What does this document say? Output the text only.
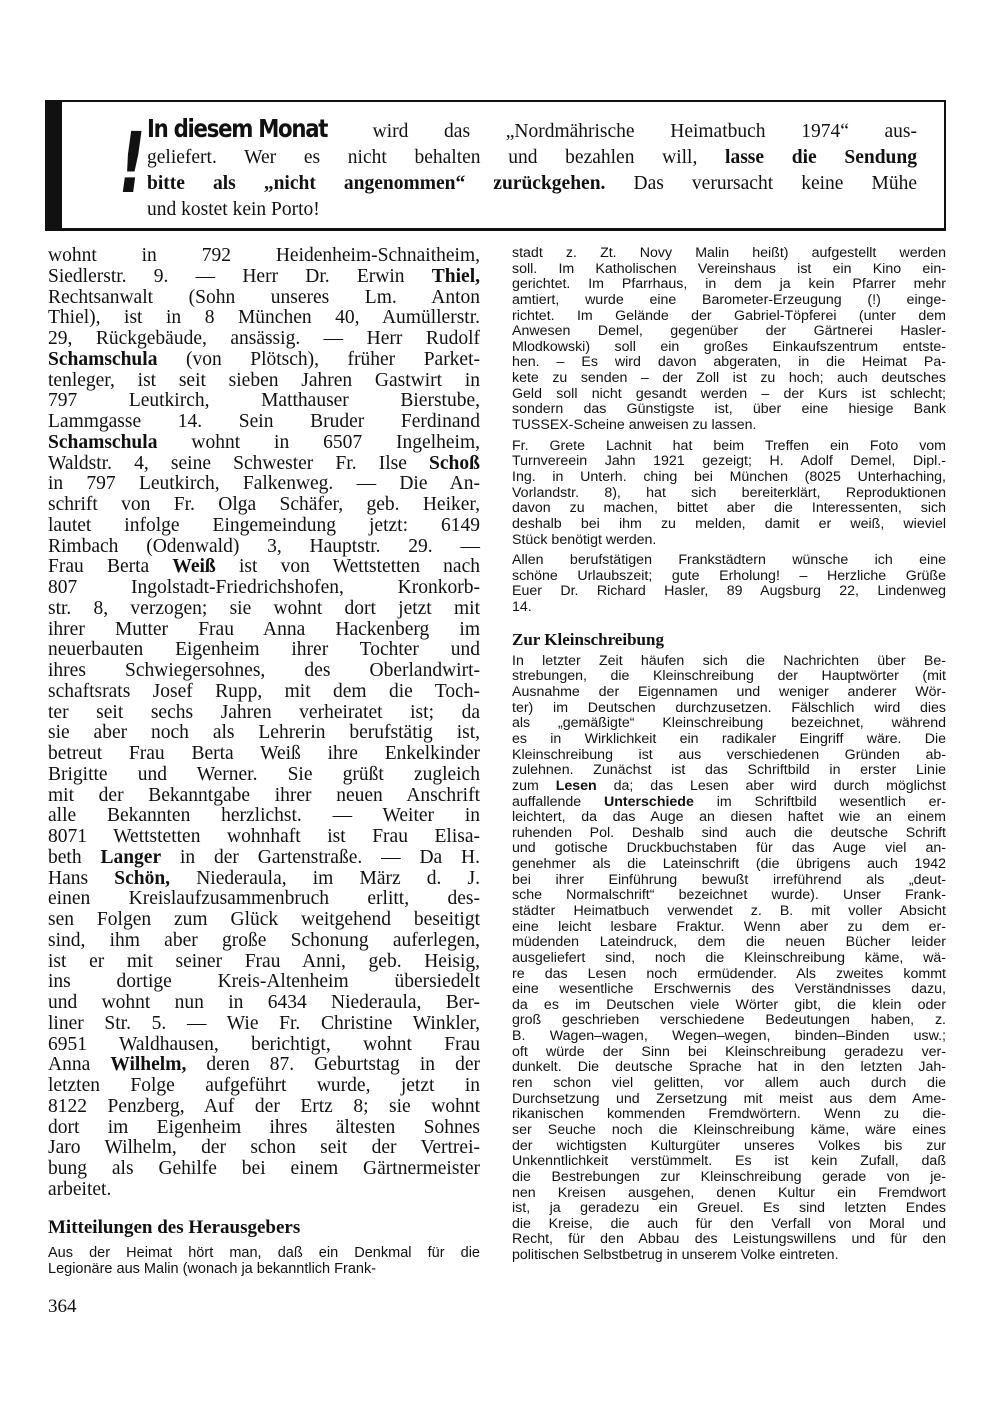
! In diesem Monat wird das „Nordmährische Heimatbuch 1974“ aus-
geliefert. Wer es nicht behalten und bezahlen will, lasse die Sendung
bitte als „nicht angenommen“ zurückgehen. Das verursacht keine Mühe
und kostet kein Porto!
wohnt in 792 Heidenheim-Schnaitheim,
Siedlerstr. 9. — Herr Dr. Erwin Thiel,
Rechtsanwalt (Sohn unseres Lm. Anton
Thiel), ist in 8 München 40, Aumüllerstr.
29, Rückgebäude, ansässig. — Herr Rudolf
Schamschula (von Plötsch), früher Parket-
tenleger, ist seit sieben Jahren Gastwirt in
797 Leutkirch, Matthauser Bierstube,
Lammgasse 14. Sein Bruder Ferdinand
Schamschula wohnt in 6507 Ingelheim,
Waldstr. 4, seine Schwester Fr. Ilse Schoß
in 797 Leutkirch, Falkenweg. — Die An-
schrift von Fr. Olga Schäfer, geb. Heiker,
lautet infolge Eingemeindung jetzt: 6149
Rimbach (Odenwald) 3, Hauptstr. 29. —
Frau Berta Weiß ist von Wettstetten nach
807 Ingolstadt-Friedrichshofen, Kronkorb-
str. 8, verzogen; sie wohnt dort jetzt mit
ihrer Mutter Frau Anna Hackenberg im
neuerbauten Eigenheim ihrer Tochter und
ihres Schwiegersohnes, des Oberlandwirt-
schaftsrats Josef Rupp, mit dem die Toch-
ter seit sechs Jahren verheiratet ist; da
sie aber noch als Lehrerin berufstätig ist,
betreut Frau Berta Weiß ihre Enkelkinder
Brigitte und Werner. Sie grüßt zugleich
mit der Bekanntgabe ihrer neuen Anschrift
alle Bekannten herzlichst. — Weiter in
8071 Wettstetten wohnhaft ist Frau Elisa-
beth Langer in der Gartenstraße. — Da H.
Hans Schön, Niederaula, im März d. J.
einen Kreislaufzusammenbruch erlitt, des-
sen Folgen zum Glück weitgehend beseitigt
sind, ihm aber große Schonung auferlegen,
ist er mit seiner Frau Anni, geb. Heisig,
ins dortige Kreis-Altenheim übersiedelt
und wohnt nun in 6434 Niederaula, Ber-
liner Str. 5. — Wie Fr. Christine Winkler,
6951 Waldhausen, berichtigt, wohnt Frau
Anna Wilhelm, deren 87. Geburtstag in der
letzten Folge aufgeführt wurde, jetzt in
8122 Penzberg, Auf der Ertz 8; sie wohnt
dort im Eigenheim ihres ältesten Sohnes
Jaro Wilhelm, der schon seit der Vertrei-
bung als Gehilfe bei einem Gärtnermeister
arbeitet.
Mitteilungen des Herausgebers
Aus der Heimat hört man, daß ein Denkmal für die
Legionäre aus Malin (wonach ja bekanntlich Frank-
stadt z. Zt. Novy Malin heißt) aufgestellt werden
soll. Im Katholischen Vereinshaus ist ein Kino ein-
gerichtet. Im Pfarrhaus, in dem ja kein Pfarrer mehr
amtiert, wurde eine Barometer-Erzeugung (!) einge-
richtet. Im Gelände der Gabriel-Töpferei (unter dem
Anwesen Demel, gegenüber der Gärtnerei Hasler-
Mlodkowski) soll ein großes Einkaufszentrum entste-
hen. – Es wird davon abgeraten, in die Heimat Pa-
kete zu senden – der Zoll ist zu hoch; auch deutsches
Geld soll nicht gesandt werden – der Kurs ist schlecht;
sondern das Günstigste ist, über eine hiesige Bank
TUSSEX-Scheine anweisen zu lassen.
Fr. Grete Lachnit hat beim Treffen ein Foto vom
Turnvereein Jahn 1921 gezeigt; H. Adolf Demel, Dipl.-
Ing. in Unterh. ching bei München (8025 Unterhaching,
Vorlandstr. 8), hat sich bereiterklärt, Reproduktionen
davon zu machen, bittet aber die Interessenten, sich
deshalb bei ihm zu melden, damit er weiß, wieviel
Stück benötigt werden.
Allen berufstätigen Frankstädtern wünsche ich eine
schöne Urlaubszeit; gute Erholung! – Herzliche Grüße
Euer Dr. Richard Hasler, 89 Augsburg 22, Lindenweg
14.
Zur Kleinschreibung
In letzter Zeit häufen sich die Nachrichten über Be-
strebungen, die Kleinschreibung der Hauptwörter (mit
Ausnahme der Eigennamen und weniger anderer Wör-
ter) im Deutschen durchzusetzen. Fälschlich wird dies
als „gemäßigte“ Kleinschreibung bezeichnet, während
es in Wirklichkeit ein radikaler Eingriff wäre. Die
Kleinschreibung ist aus verschiedenen Gründen ab-
zulehnen. Zunächst ist das Schriftbild in erster Linie
zum Lesen da; das Lesen aber wird durch möglichst
auffallende Unterschiede im Schriftbild wesentlich er-
leichtert, da das Auge an diesen haftet wie an einem
ruhenden Pol. Deshalb sind auch die deutsche Schrift
und gotische Druckbuchstaben für das Auge viel an-
genehmer als die Lateinschrift (die übrigens auch 1942
bei ihrer Einführung bewußt irreführend als „deut-
sche Normalschrift“ bezeichnet wurde). Unser Frank-
städter Heimatbuch verwendet z. B. mit voller Absicht
eine leicht lesbare Fraktur. Wenn aber zu dem er-
müdenden Lateindruck, dem die neuen Bücher leider
ausgeliefert sind, noch die Kleinschreibung käme, wä-
re das Lesen noch ermüdender. Als zweites kommt
eine wesentliche Erschwernis des Verständnisses dazu,
da es im Deutschen viele Wörter gibt, die klein oder
groß geschrieben verschiedene Bedeutungen haben, z.
B. Wagen–wagen, Wegen–wegen, binden–Binden usw.;
oft würde der Sinn bei Kleinschreibung geradezu ver-
dunkelt. Die deutsche Sprache hat in den letzten Jah-
ren schon viel gelitten, vor allem auch durch die
Durchsetzung und Zersetzung mit meist aus dem Ame-
rikanischen kommenden Fremdwörtern. Wenn zu die-
ser Seuche noch die Kleinschreibung käme, wäre eines
der wichtigsten Kulturgüter unseres Volkes bis zur
Unkenntlichkeit verstümmelt. Es ist kein Zufall, daß
die Bestrebungen zur Kleinschreibung gerade von je-
nen Kreisen ausgehen, denen Kultur ein Fremdwort
ist, ja geradezu ein Greuel. Es sind letzten Endes
die Kreise, die auch für den Verfall von Moral und
Recht, für den Abbau des Leistungswillens und für den
politischen Selbstbetrug in unserem Volke eintreten.
364
